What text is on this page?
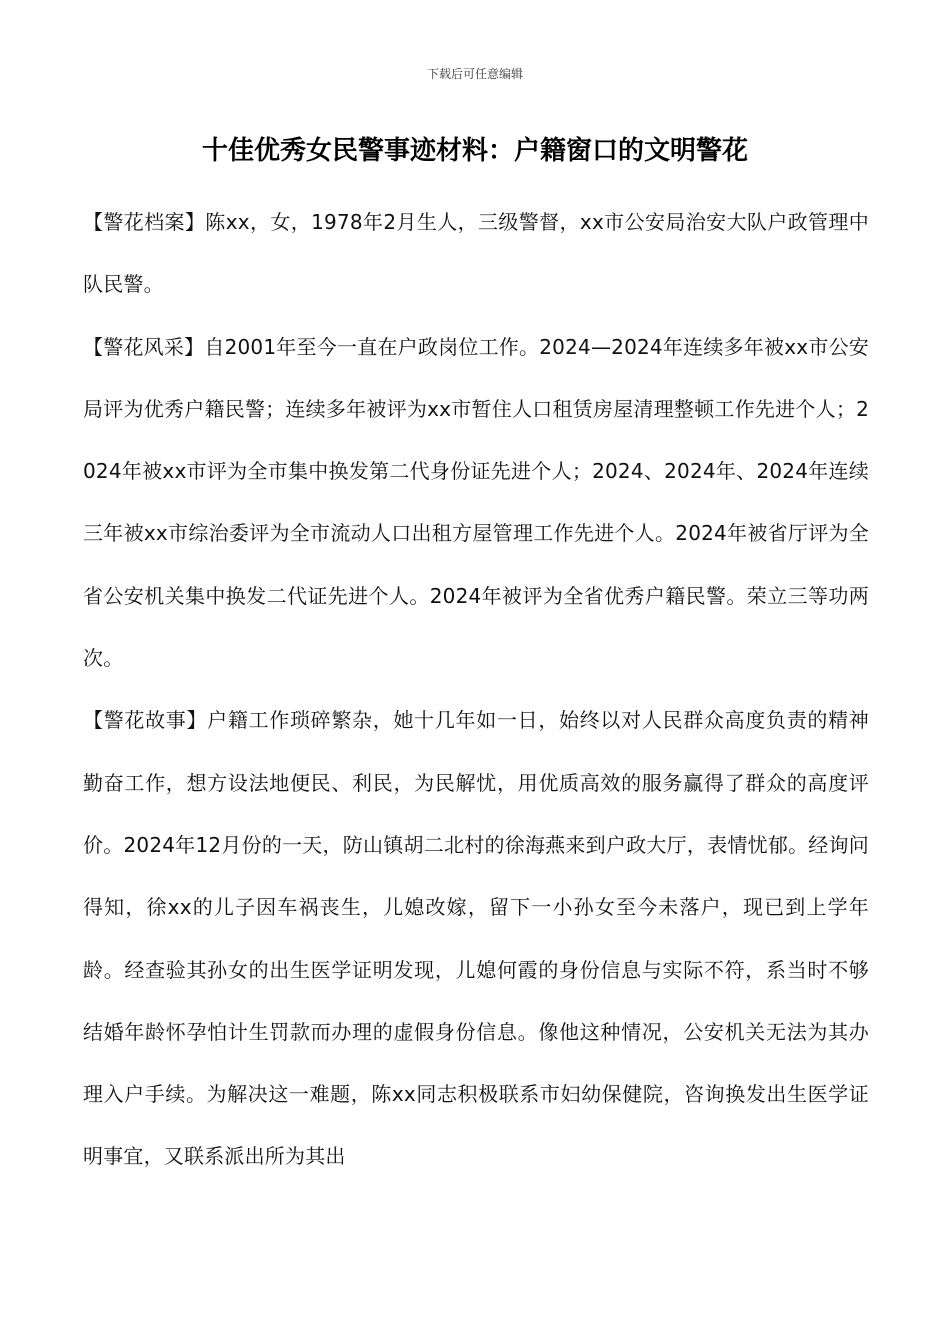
下载后可任意编辑
十佳优秀女民警事迹材料：户籍窗口的文明警花

【警花档案】陈xx，女，1978年2月生人，三级警督，xx市公安局治安大队户政管理中队民警。

【警花风采】自2001年至今一直在户政岗位工作。2024—2024年连续多年被xx市公安局评为优秀户籍民警；连续多年被评为xx市暂住人口租赁房屋清理整顿工作先进个人；2024年被xx市评为全市集中换发第二代身份证先进个人；2024、2024年、2024年连续三年被xx市综治委评为全市流动人口出租方屋管理工作先进个人。2024年被省厅评为全省公安机关集中换发二代证先进个人。2024年被评为全省优秀户籍民警。荣立三等功两次。

【警花故事】户籍工作琐碎繁杂，她十几年如一日，始终以对人民群众高度负责的精神勤奋工作，想方设法地便民、利民，为民解忧，用优质高效的服务赢得了群众的高度评价。2024年12月份的一天，防山镇胡二北村的徐海燕来到户政大厅，表情忧郁。经询问得知，徐xx的儿子因车祸丧生，儿媳改嫁，留下一小孙女至今未落户，现已到上学年龄。经查验其孙女的出生医学证明发现，儿媳何霞的身份信息与实际不符，系当时不够结婚年龄怀孕怕计生罚款而办理的虚假身份信息。像他这种情况，公安机关无法为其办理入户手续。为解决这一难题，陈xx同志积极联系市妇幼保健院，咨询换发出生医学证明事宜，又联系派出所为其出
